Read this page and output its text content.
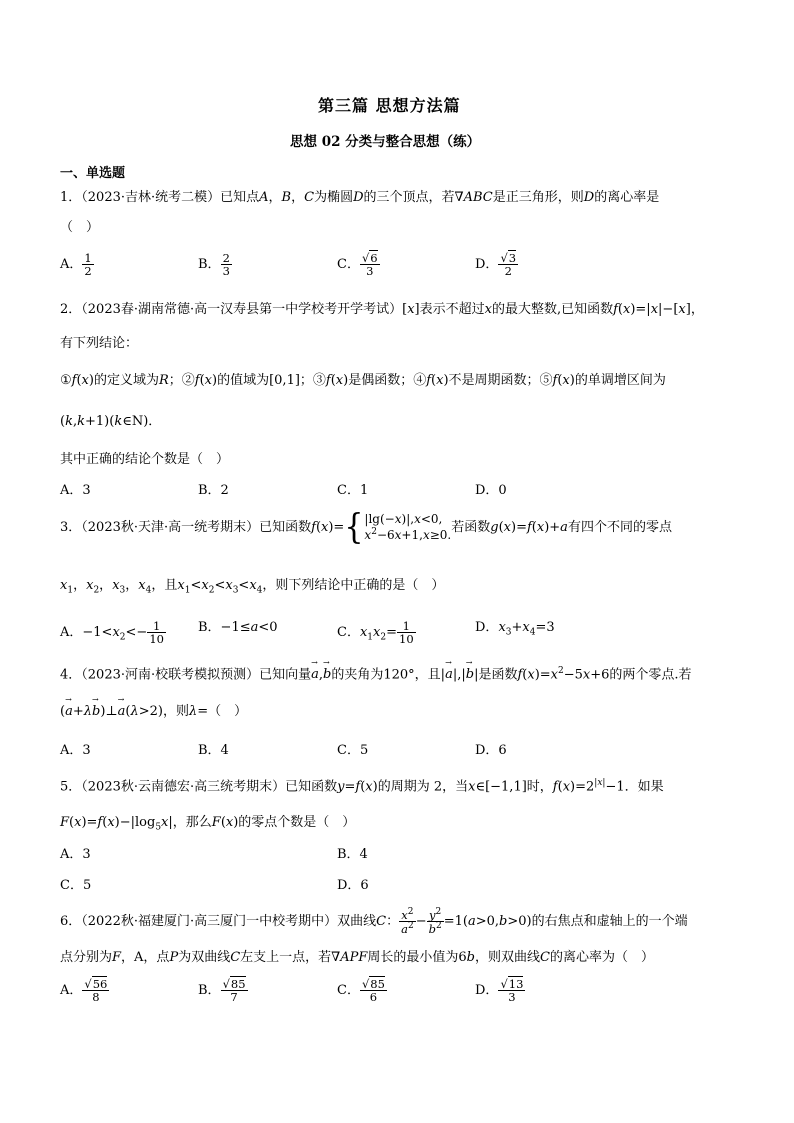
第三篇 思想方法篇
思想 02 分类与整合思想（练）
一、单选题
1．（2023·吉林·统考二模）已知点A，B，C为椭圆D的三个顶点，若∇ABC是正三角形，则D的离心率是
（　）
A． $\frac{1}{2}$	B． $\frac{2}{3}$	C． $\frac{√6}{3}$	D． $\frac{√3}{2}$
2．（2023春·湖南常德·高一汉寿县第一中学校考开学考试）[x]表示不超过x的最大整数,已知函数f(x)=|x|−[x]，
有下列结论：
①f(x)的定义域为R；②f(x)的值域为[0,1]；③f(x)是偶函数；④f(x)不是周期函数；⑤f(x)的单调增区间为
(k,k+1)(k∈N)．
其中正确的结论个数是（　）
A．3	B．2	C．1	D．0
3．（2023秋·天津·高一统考期末）已知函数f(x)={ |lg(−x)|,x<0,
$x^2-6x+1,x\ge 0$. 若函数g(x)=f(x)+a有四个不同的零点
$x_1$，$x_2$，$x_3$，$x_4$，且$x_1<x_2<x_3<x_4$，则下列结论中正确的是（　）
A．$-1<x_2<- \frac{1}{10}$ B．−1≤a<0	C．$x_1x_2= \frac{1}{10}$	D．$x_3+x_4=3$
4．（2023·河南·校联考模拟预测）已知向量→ a,→ b的夹角为120°，且|→ a|,|→ b|是函数$f(x)=x^2-5x+6$的两个零点.若
(→ a+λ→ b)⊥→ a(λ>2)，则λ=（　）
A．3	B．4	C．5	D．6
5．（2023秋·云南德宏·高三统考期末）已知函数y=f(x)的周期为 2，当x∈[−1,1]时，$f(x)=2^{|x|}-1$．如果
$F(x)=f(x)-|\log_5x|$，那么F(x)的零点个数是（　）
A．3	B．4
C．5	D．6
6．（2022秋·福建厦门·高三厦门一中校考期中）双曲线C： $\frac{x^2}{a^2} - \frac{y^2}{b^2} =1(a>0,b>0)$的右焦点和虚轴上的一个端
点分别为F，A，点P为双曲线C左支上一点，若∇APF周长的最小值为6b，则双曲线C的离心率为（　）
A． $\frac{√56}{8}$	B． $\frac{√85}{7}$	C． $\frac{√85}{6}$	D． $\frac{√13}{3}$
